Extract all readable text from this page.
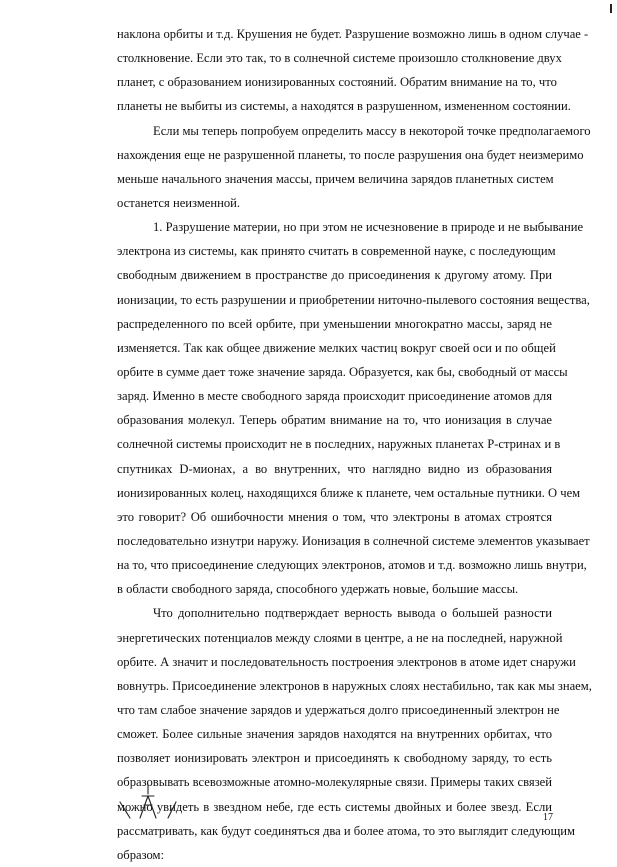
наклона орбиты и т.д. Крушения не будет. Разрушение возможно лишь в одном случае -
столкновение. Если это так, то в солнечной системе произошло столкновение двух
планет, с образованием ионизированных состояний. Обратим внимание на то, что
планеты не выбиты из системы, а находятся в разрушенном, измененном состоянии.
Если мы теперь попробуем определить массу в некоторой точке предполагаемого
нахождения еще не разрушенной планеты, то после разрушения она будет неизмеримо
меньше начального значения массы, причем величина зарядов планетных систем
останется неизменной.
1. Разрушение материи, но при этом не исчезновение в природе и не выбывание
электрона из системы, как принято считать в современной науке, с последующим
свободным движением в пространстве до присоединения к другому атому. При
ионизации, то есть разрушении и приобретении ниточно-пылевого состояния вещества,
распределенного по всей орбите, при уменьшении многократно массы, заряд не
изменяется. Так как общее движение мелких частиц вокруг своей оси и по общей
орбите в сумме дает тоже значение заряда. Образуется, как бы, свободный от массы
заряд. Именно в месте свободного заряда происходит присоединение атомов для
образования молекул. Теперь обратим внимание на то, что ионизация в случае
солнечной системы происходит не в последних, наружных планетах Р-стринах и в
спутниках D-мионах, а во внутренних, что наглядно видно из образования
ионизированных колец, находящихся ближе к планете, чем остальные путники. О чем
это говорит? Об ошибочности мнения о том, что электроны в атомах строятся
последовательно изнутри наружу. Ионизация в солнечной системе элементов указывает
на то, что присоединение следующих электронов, атомов и т.д. возможно лишь внутри,
в области свободного заряда, способного удержать новые, большие массы.
Что дополнительно подтверждает верность вывода о большей разности
энергетических потенциалов между слоями в центре, а не на последней, наружной
орбите. А значит и последовательность построения электронов в атоме идет снаружи
вовнутрь. Присоединение электронов в наружных слоях нестабильно, так как мы знаем,
что там слабое значение зарядов и удержаться долго присоединенный электрон не
сможет. Более сильные значения зарядов находятся на внутренних орбитах, что
позволяет ионизировать электрон и присоединять к свободному заряду, то есть
образовывать всевозможные атомно-молекулярные связи. Примеры таких связей
можно увидеть в звездном небе, где есть системы двойных и более звезд. Если
рассматривать, как будут соединяться два и более атома, то это выглядит следующим
образом:
17
